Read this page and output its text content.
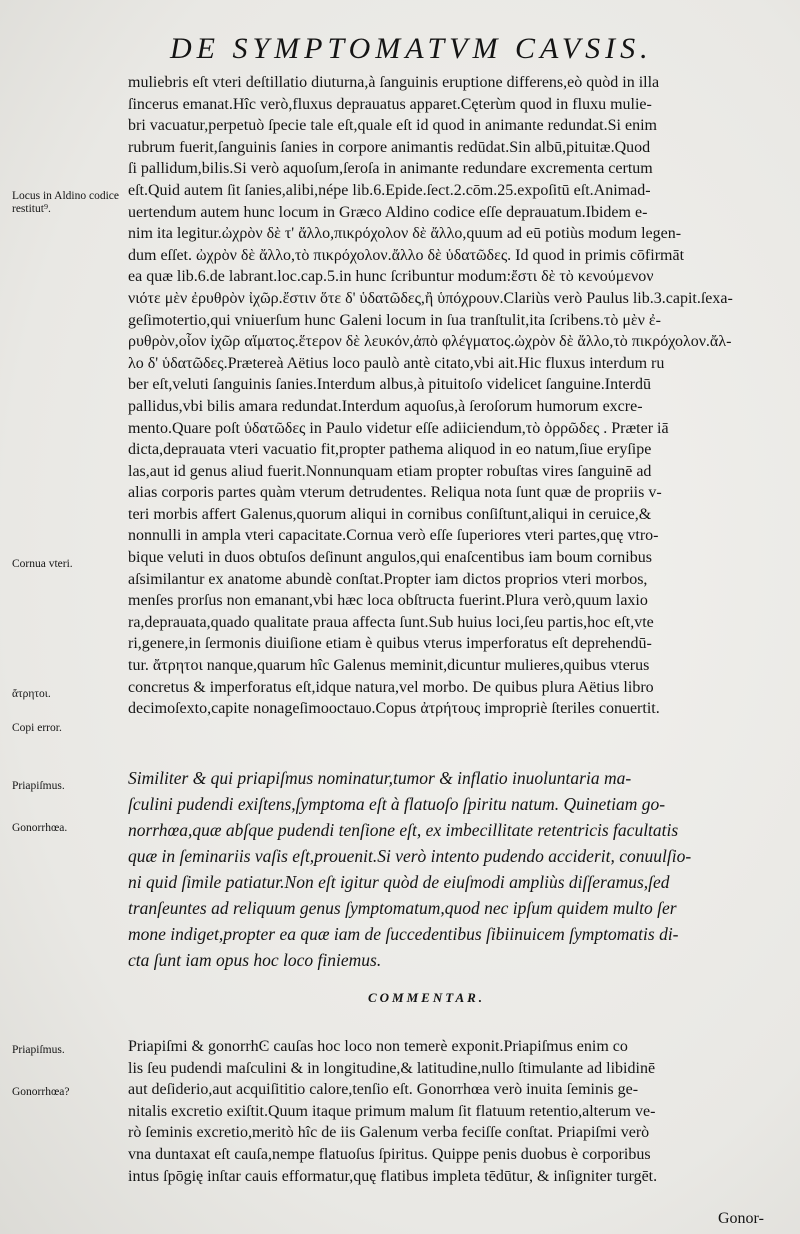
DE SYMPTOMATVM CAVSIS.
Locus in Aldino codice restitut⁹.
Cornua vteri.
ἄτρητοι.
Copi error.
Priapiſmus.
Gonorrhœa.
Priapiſmus.
Gonorrhœa?
muliebris eſt vteri deſtillatio diuturna,à ſanguinis eruptione differens,eò quòd in illa
ſincerus emanat.Hîc verò,fluxus deprauatus apparet.Cęterùm quod in fluxu mulie-
bri vacuatur,perpetuò ſpecie tale eſt,quale eſt id quod in animante redundat.Si enim
rubrum fuerit,ſanguinis ſanies in corpore animantis redūdat.Sin albū,pituitæ.Quod
ſi pallidum,bilis.Si verò aquoſum,ſeroſa in animante redundare excrementa certum
eſt.Quid autem ſit ſanies,alibi,népe lib.6.Epide.ſect.2.cōm.25.expoſitū eſt.Animad-
uertendum autem hunc locum in Græco Aldino codice eſſe deprauatum.Ibidem e-
nim ita legitur.ὠχρὸν δὲ τ' ἄλλο,πικρόχολον δὲ ἄλλο,quum ad eū potiùs modum legen-
dum eſſet. ὠχρὸν δὲ ἄλλο,τὸ πικρόχολον.ἄλλο δὲ ὑδατῶδες. Id quod in primis cōfirmāt
ea quæ lib.6.de labrant.loc.cap.5.in hunc ſcribuntur modum:ἔστι δὲ τὸ κενούμενον
νιότε μὲν ἐρυθρὸν ἰχῶρ.ἔστιν ὅτε δ' ὑδατῶδες,ἢ ὑπόχρουν.Clariùs verò Paulus lib.3.capit.ſexa-
geſimotertio,qui vniuerſum hunc Galeni locum in ſua tranſtulit,ita ſcribens.τὸ μὲν ἐ-
ρυθρὸν,οἷον ἰχῶρ αἵματος.ἕτερον δὲ λευκόν,ἀπὸ φλέγματος.ὠχρὸν δὲ ἄλλο,τὸ πικρόχολον.ἄλ-
λο δ' ὑδατῶδες.Prætereà Aëtius loco paulò antè citato,vbi ait.Hic fluxus interdum ru
ber eſt,veluti ſanguinis ſanies.Interdum albus,à pituitoſo videlicet ſanguine.Interdū
pallidus,vbi bilis amara redundat.Interdum aquoſus,à ſeroſorum humorum excre-
mento.Quare poſt ὑδατῶδες in Paulo videtur eſſe adiiciendum,τὸ ὀρρῶδες . Præter iā
dicta,deprauata vteri vacuatio fit,propter pathema aliquod in eo natum,ſiue eryſipe
las,aut id genus aliud fuerit.Nonnunquam etiam propter robuſtas vires ſanguinē ad
alias corporis partes quàm vterum detrudentes. Reliqua nota ſunt quæ de propriis v-
teri morbis affert Galenus,quorum aliqui in cornibus conſiſtunt,aliqui in ceruice,&
nonnulli in ampla vteri capacitate.Cornua verò eſſe ſuperiores vteri partes,quę vtro-
bique veluti in duos obtuſos deſinunt angulos,qui enaſcentibus iam boum cornibus
aſsimilantur ex anatome abundè conſtat.Propter iam dictos proprios vteri morbos,
menſes prorſus non emanant,vbi hæc loca obſtructa fuerint.Plura verò,quum laxio
ra,deprauata,quado qualitate praua affecta ſunt.Sub huius loci,ſeu partis,hoc eſt,vte
ri,genere,in ſermonis diuiſione etiam è quibus vterus imperforatus eſt deprehendū-
tur. ἄτρητοι nanque,quarum hîc Galenus meminit,dicuntur mulieres,quibus vterus
concretus & imperforatus eſt,idque natura,vel morbo. De quibus plura Aëtius libro
decimoſexto,capite nonageſimooctauo.Copus ἀτρήτους impropriè ſteriles conuertit.
Similiter & qui priapiſmus nominatur,tumor & inflatio inuoluntaria ma-
ſculini pudendi exiſtens,ſymptoma eſt à flatuoſo ſpiritu natum. Quinetiam go-
norrhœa,quæ abſque pudendi tenſione eſt, ex imbecillitate retentricis facultatis
quæ in ſeminariis vaſis eſt,prouenit.Si verò intento pudendo acciderit, conuulſio-
ni quid ſimile patiatur.Non eſt igitur quòd de eiuſmodi ampliùs diſſeramus,ſed
tranſeuntes ad reliquum genus ſymptomatum,quod nec ipſum quidem multo ſer
mone indiget,propter ea quæ iam de ſuccedentibus ſibiinuicem ſymptomatis di-
cta ſunt iam opus hoc loco finiemus.
COMMENTAR.
Priapiſmi & gonorrhϾ cauſas hoc loco non temerè exponit.Priapiſmus enim co
lis ſeu pudendi maſculini & in longitudine,& latitudine,nullo ſtimulante ad libidinē
aut deſiderio,aut acquiſititio calore,tenſio eſt. Gonorrhœa verò inuita ſeminis ge-
nitalis excretio exiſtit.Quum itaque primum malum ſit flatuum retentio,alterum ve-
rò ſeminis excretio,meritò hîc de iis Galenum verba feciſſe conſtat. Priapiſmi verò
vna duntaxat eſt cauſa,nempe flatuoſus ſpiritus. Quippe penis duobus è corporibus
intus ſpōgię inſtar cauis efformatur,quę flatibus impleta tēdūtur, & inſigniter turgēt.
Gonor-
